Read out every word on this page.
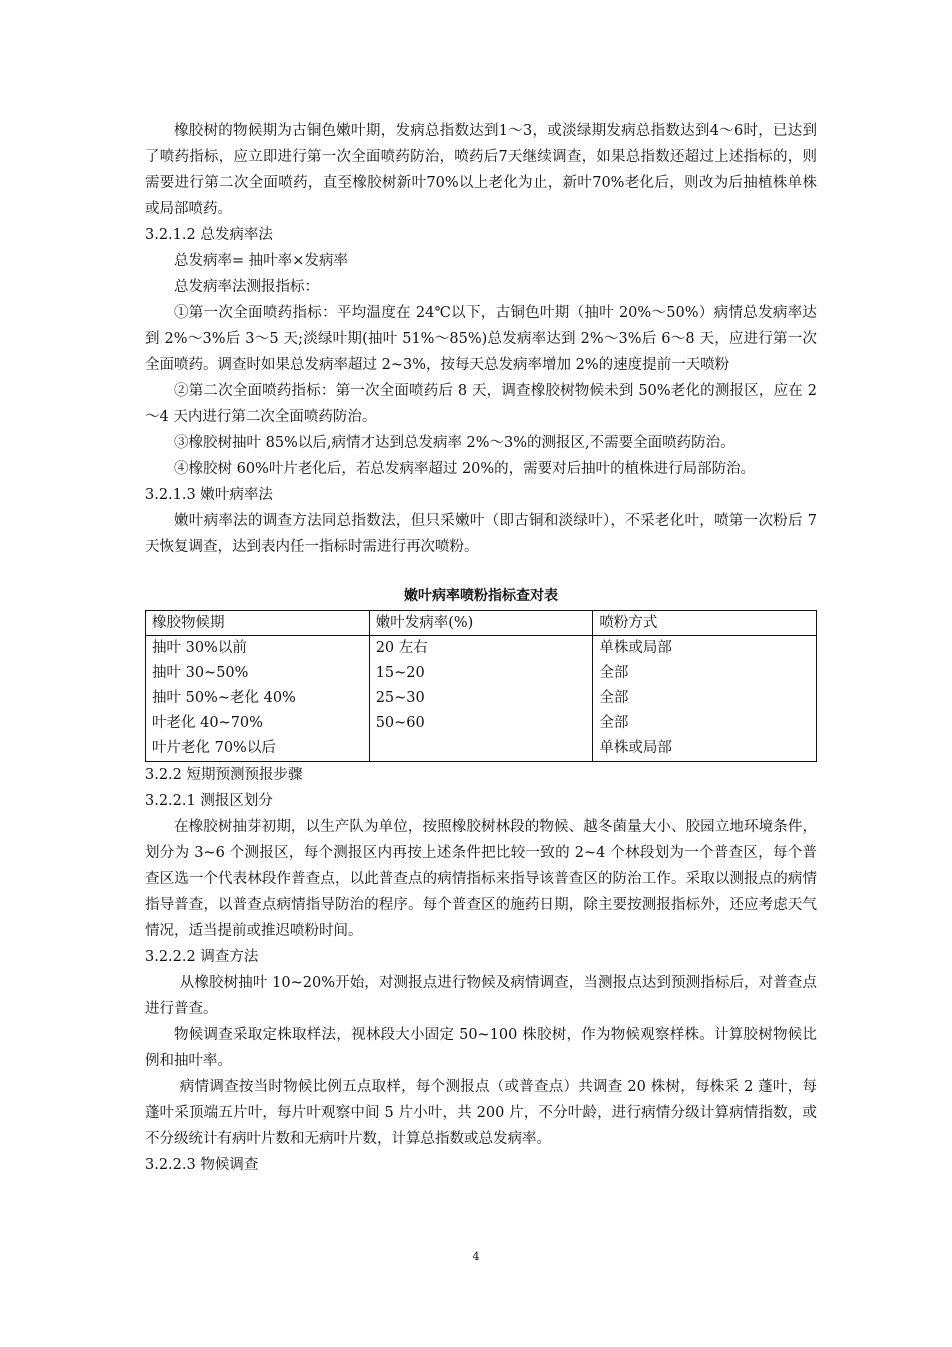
橡胶树的物候期为古铜色嫩叶期，发病总指数达到1～3，或淡绿期发病总指数达到4～6时，已达到了喷药指标，应立即进行第一次全面喷药防治，喷药后7天继续调查，如果总指数还超过上述指标的，则需要进行第二次全面喷药，直至橡胶树新叶70%以上老化为止，新叶70%老化后，则改为后抽植株单株或局部喷药。

3.2.1.2 总发病率法

总发病率= 抽叶率×发病率

总发病率法测报指标：

①第一次全面喷药指标：平均温度在 24℃以下，古铜色叶期（抽叶 20%～50%）病情总发病率达到 2%～3%后 3～5 天;淡绿叶期(抽叶 51%～85%)总发病率达到 2%～3%后 6～8 天，应进行第一次全面喷药。调查时如果总发病率超过 2~3%，按每天总发病率增加 2%的速度提前一天喷粉

②第二次全面喷药指标：第一次全面喷药后 8 天，调查橡胶树物候未到 50%老化的测报区，应在 2～4 天内进行第二次全面喷药防治。

③橡胶树抽叶 85%以后,病情才达到总发病率 2%～3%的测报区,不需要全面喷药防治。

④橡胶树 60%叶片老化后，若总发病率超过 20%的，需要对后抽叶的植株进行局部防治。

3.2.1.3 嫩叶病率法

嫩叶病率法的调查方法同总指数法，但只采嫩叶（即古铜和淡绿叶），不采老化叶，喷第一次粉后 7 天恢复调查，达到表内任一指标时需进行再次喷粉。

嫩叶病率喷粉指标查对表
橡胶物候期	嫩叶发病率(%)	喷粉方式
抽叶 30%以前	20 左右	单株或局部
抽叶 30~50%	15~20	全部
抽叶 50%~老化 40%	25~30	全部
叶老化 40~70%	50~60	全部
叶片老化 70%以后		单株或局部

3.2.2 短期预测预报步骤

3.2.2.1 测报区划分

在橡胶树抽芽初期，以生产队为单位，按照橡胶树林段的物候、越冬菌量大小、胶园立地环境条件，划分为 3~6 个测报区，每个测报区内再按上述条件把比较一致的 2~4 个林段划为一个普查区，每个普查区选一个代表林段作普查点，以此普查点的病情指标来指导该普查区的防治工作。采取以测报点的病情指导普查，以普查点病情指导防治的程序。每个普查区的施药日期，除主要按测报指标外，还应考虑天气情况，适当提前或推迟喷粉时间。

3.2.2.2 调查方法

从橡胶树抽叶 10~20%开始，对测报点进行物候及病情调查，当测报点达到预测指标后，对普查点进行普查。

物候调查采取定株取样法，视林段大小固定 50~100 株胶树，作为物候观察样株。计算胶树物候比例和抽叶率。

病情调查按当时物候比例五点取样，每个测报点（或普查点）共调查 20 株树，每株采 2 蓬叶，每蓬叶采顶端五片叶，每片叶观察中间 5 片小叶，共 200 片，不分叶龄，进行病情分级计算病情指数，或不分级统计有病叶片数和无病叶片数，计算总指数或总发病率。

3.2.2.3 物候调查

4
